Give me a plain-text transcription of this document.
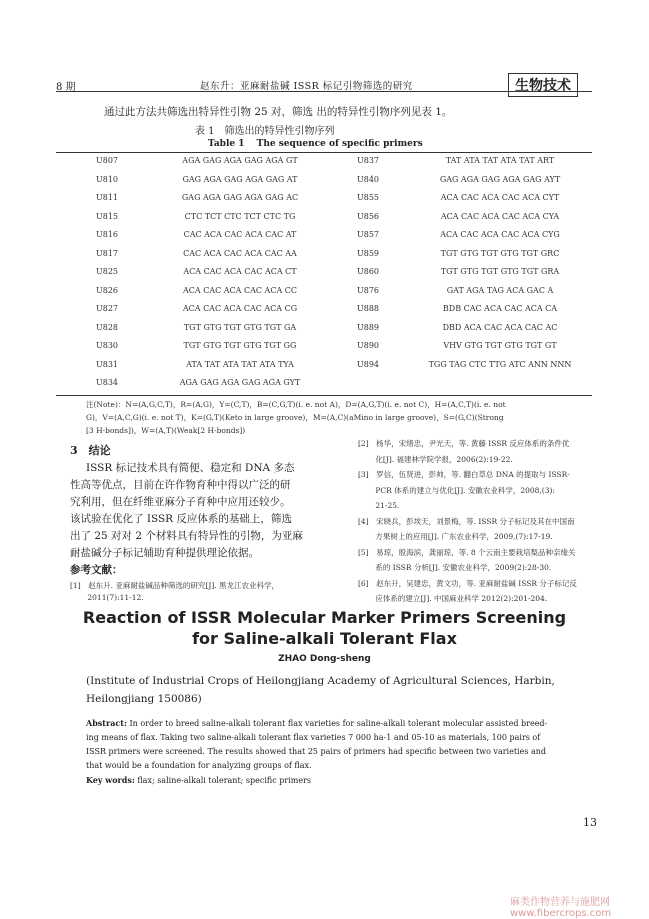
8 期	赵东升：亚麻耐盐碱 ISSR 标记引物筛选的研究	生物技术
通过此方法共筛选出特异性引物 25 对，筛选 出的特异性引物序列见表 1。
表 1　筛选出的特异性引物序列
Table 1　 The sequence of specific primers
U807	AGA GAG AGA GAG AGA GT	U837	TAT ATA TAT ATA TAT ART
U810	GAG AGA GAG AGA GAG AT	U840	GAG AGA GAG AGA GAG AYT
U811	GAG AGA GAG AGA GAG AC	U855	ACA CAC ACA CAC ACA CYT
U815	CTC TCT CTC TCT CTC TG	U856	ACA CAC ACA CAC ACA CYA
U816	CAC ACA CAC ACA CAC AT	U857	ACA CAC ACA CAC ACA CYG
U817	CAC ACA CAC ACA CAC AA	U859	TGT GTG TGT GTG TGT GRC
U825	ACA CAC ACA CAC ACA CT	U860	TGT GTG TGT GTG TGT GRA
U826	ACA CAC ACA CAC ACA CC	U876	GAT AGA TAG ACA GAC A
U827	ACA CAC ACA CAC ACA CG	U888	BDB CAC ACA CAC ACA CA
U828	TGT GTG TGT GTG TGT GA	U889	DBD ACA CAC ACA CAC AC
U830	TGT GTG TGT GTG TGT GG	U890	VHV GTG TGT GTG TGT GT
U831	ATA TAT ATA TAT ATA TYA	U894	TGG TAG CTC TTG ATC ANN NNN
U834	AGA GAG AGA GAG AGA GYT
注(Note)：N=(A,G,C,T)，R=(A,G)，Y=(C,T)，B=(C,G,T)(i. e. not A)，D=(A,G,T)(i. e. not C)，H=(A,C,T)(i. e. not
G)，V=(A,C,G)(i. e. not T)，K=(G,T)(Keto in large groove)，M=(A,C)(aMino in large groove)，S=(G,C)(Strong
[3 H-bonds])，W=(A,T)(Weak[2 H-bonds])
3　结论
ISSR 标记技术具有简便、稳定和 DNA 多态
性高等优点，目前在许作物育种中得以广泛的研
究利用，但在纤维亚麻分子育种中应用还较少。
该试验在优化了 ISSR 反应体系的基础上，筛选
出了 25 对对 2 个材料具有特异性的引物，为亚麻
耐盐碱分子标记辅助育种提供理论依据。
参考文献：
[1]　赵东升. 亚麻耐盐碱品种筛选的研究[J]. 黑龙江农业科学，
　　 2011(7):11-12.
[2]　杨华，宋绪忠，尹光天，等. 黄藤 ISSR 反应体系的条件优
　　 化[J]. 福建林学院学报，2006(2):19-22.
[3]　罗信，伍贤进，彭帅，等. 翻白草总 DNA 的提取与 ISSR-
　　 PCR 体系的建立与优化[J]. 安徽农业科学，2008,(3):
　　 21-25.
[4]　宋晓兵，彭埃天，刘景梅，等. ISSR 分子标记及其在中国南
　　 方果树上的应用[J]. 广东农业科学，2009,(7):17-19.
[5]　易琼，殷海滨，龚丽琼，等. 8 个云南主要栽培梨品种亲缘关
　　 系的 ISSR 分析[J]. 安徽农业科学，2009(2):28-30.
[6]　赵东升，吴建忠，黄文功，等. 亚麻耐盐碱 ISSR 分子标记反
　　 应体系的建立[J]. 中国麻业科学 2012(2):201-204.
Reaction of ISSR Molecular Marker Primers Screening
for Saline-alkali Tolerant Flax
ZHAO Dong-sheng
(Institute of Industrial Crops of Heilongjiang Academy of Agricultural Sciences, Harbin,
Heilongjiang 150086)
Abstract: In order to breed saline-alkali tolerant flax varieties for saline-alkali tolerant molecular assisted breed-
ing means of flax. Taking two saline-alkali tolerant flax varieties 7 000 ha-1 and 05-10 as materials, 100 pairs of
ISSR primers were screened. The results showed that 25 pairs of primers had specific between two varieties and
that would be a foundation for analyzing groups of flax.
Key words: flax; saline-alkali tolerant; specific primers
13
麻类作物营养与施肥网 www.fibercrops.com
